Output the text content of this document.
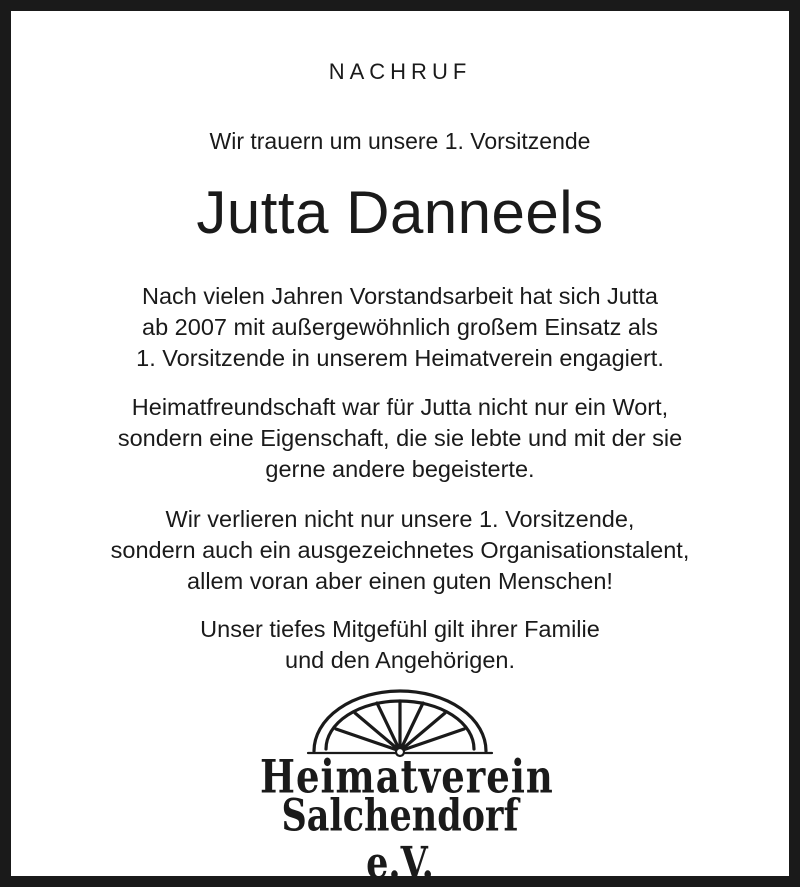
NACHRUF
Wir trauern um unsere 1. Vorsitzende
Jutta Danneels
Nach vielen Jahren Vorstandsarbeit hat sich Jutta
ab 2007 mit außergewöhnlich großem Einsatz als
1. Vorsitzende in unserem Heimatverein engagiert.
Heimatfreundschaft war für Jutta nicht nur ein Wort,
sondern eine Eigenschaft, die sie lebte und mit der sie
gerne andere begeisterte.
Wir verlieren nicht nur unsere 1. Vorsitzende,
sondern auch ein ausgezeichnetes Organisationstalent,
allem voran aber einen guten Menschen!
Unser tiefes Mitgefühl gilt ihrer Familie
und den Angehörigen.
Heimatverein
Salchendorf e.V.
